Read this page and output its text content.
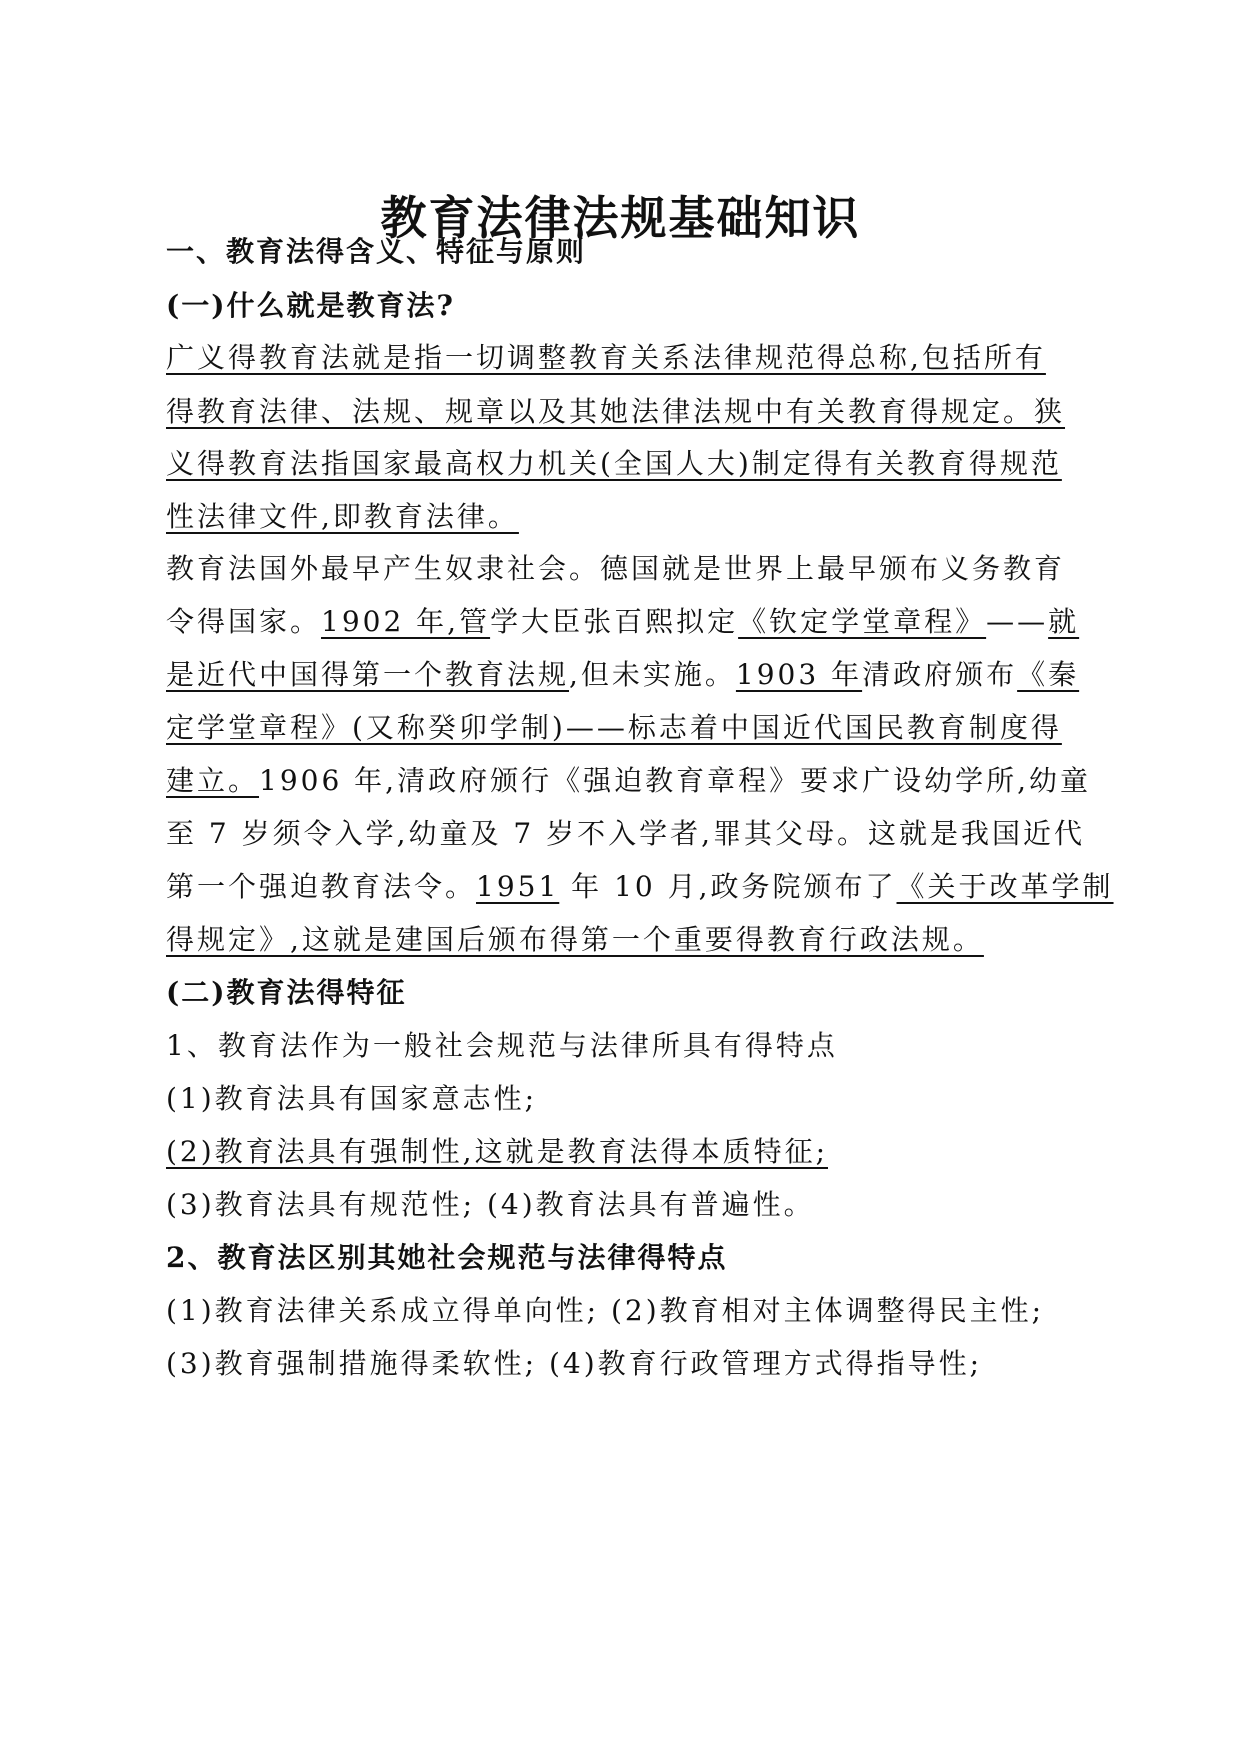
教育法律法规基础知识
一、教育法得含义、特征与原则
(一)什么就是教育法?
广义得教育法就是指一切调整教育关系法律规范得总称,包括所有
得教育法律、法规、规章以及其她法律法规中有关教育得规定。狭
义得教育法指国家最高权力机关(全国人大)制定得有关教育得规范
性法律文件,即教育法律。
教育法国外最早产生奴隶社会。德国就是世界上最早颁布义务教育
令得国家。1902 年,管学大臣张百熙拟定《钦定学堂章程》——就
是近代中国得第一个教育法规,但未实施。1903 年清政府颁布《秦
定学堂章程》(又称癸卯学制)——标志着中国近代国民教育制度得
建立。1906 年,清政府颁行《强迫教育章程》要求广设幼学所,幼童
至 7 岁须令入学,幼童及 7 岁不入学者,罪其父母。这就是我国近代
第一个强迫教育法令。1951 年 10 月,政务院颁布了《关于改革学制
得规定》,这就是建国后颁布得第一个重要得教育行政法规。
(二)教育法得特征
1、教育法作为一般社会规范与法律所具有得特点
(1)教育法具有国家意志性;
(2)教育法具有强制性,这就是教育法得本质特征;
(3)教育法具有规范性; (4)教育法具有普遍性。
2、教育法区别其她社会规范与法律得特点
(1)教育法律关系成立得单向性; (2)教育相对主体调整得民主性;
(3)教育强制措施得柔软性; (4)教育行政管理方式得指导性;
